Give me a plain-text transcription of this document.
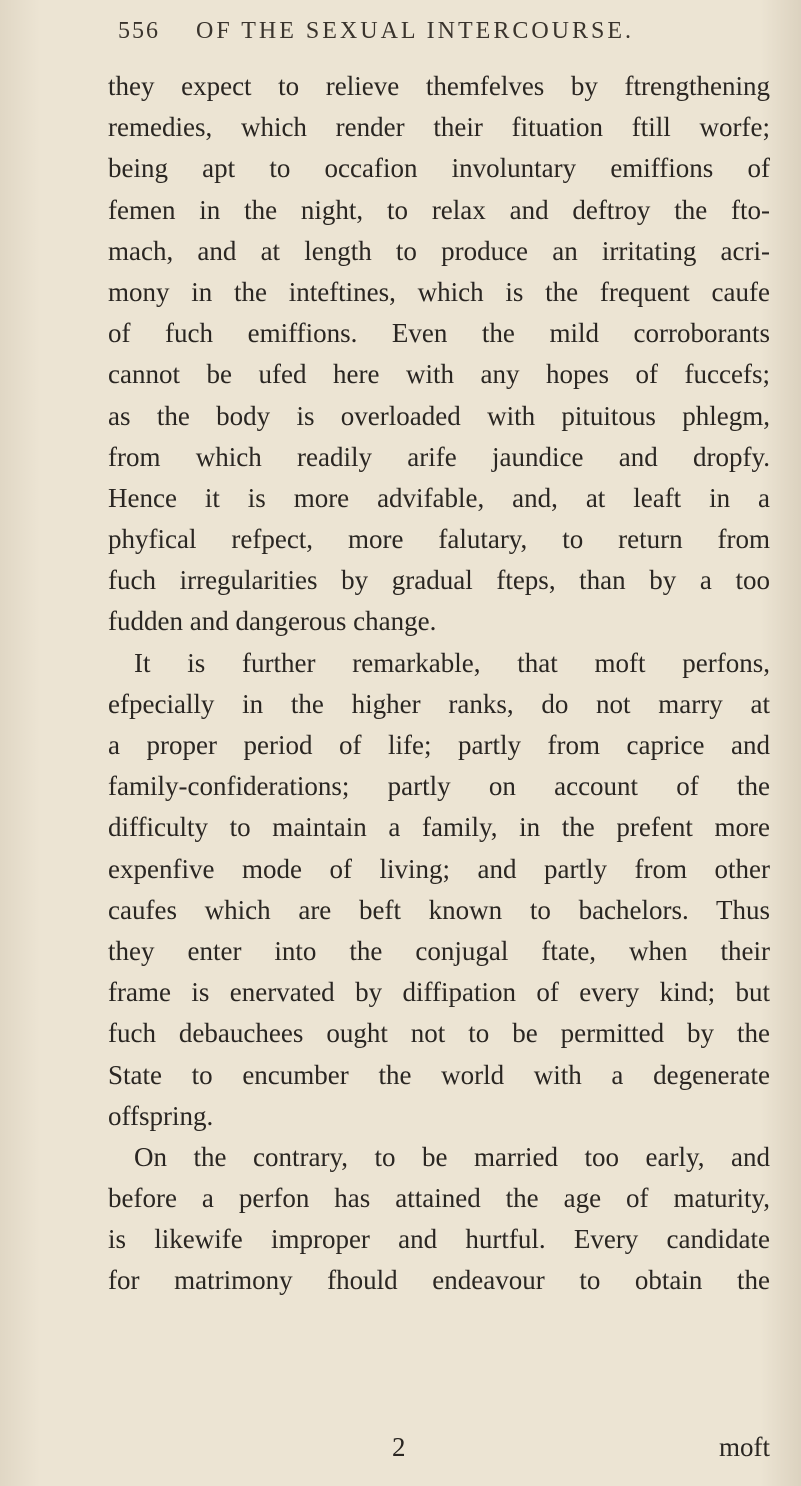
556 OF THE SEXUAL INTERCOURSE.
they expect to relieve themfelves by ftrengthening
remedies, which render their fituation ftill worfe;
being apt to occafion involuntary emiffions of
femen in the night, to relax and deftroy the fto-
mach, and at length to produce an irritating acri-
mony in the inteftines, which is the frequent caufe
of fuch emiffions. Even the mild corroborants
cannot be ufed here with any hopes of fuccefs;
as the body is overloaded with pituitous phlegm,
from which readily arife jaundice and dropfy.
Hence it is more advifable, and, at leaft in a
phyfical refpect, more falutary, to return from
fuch irregularities by gradual fteps, than by a too
fudden and dangerous change.
It is further remarkable, that moft perfons,
efpecially in the higher ranks, do not marry at
a proper period of life; partly from caprice and
family-confiderations; partly on account of the
difficulty to maintain a family, in the prefent more
expenfive mode of living; and partly from other
caufes which are beft known to bachelors. Thus
they enter into the conjugal ftate, when their
frame is enervated by diffipation of every kind; but
fuch debauchees ought not to be permitted by the
State to encumber the world with a degenerate
offspring.
On the contrary, to be married too early, and
before a perfon has attained the age of maturity,
is likewife improper and hurtful. Every candidate
for matrimony fhould endeavour to obtain the
2	moft
